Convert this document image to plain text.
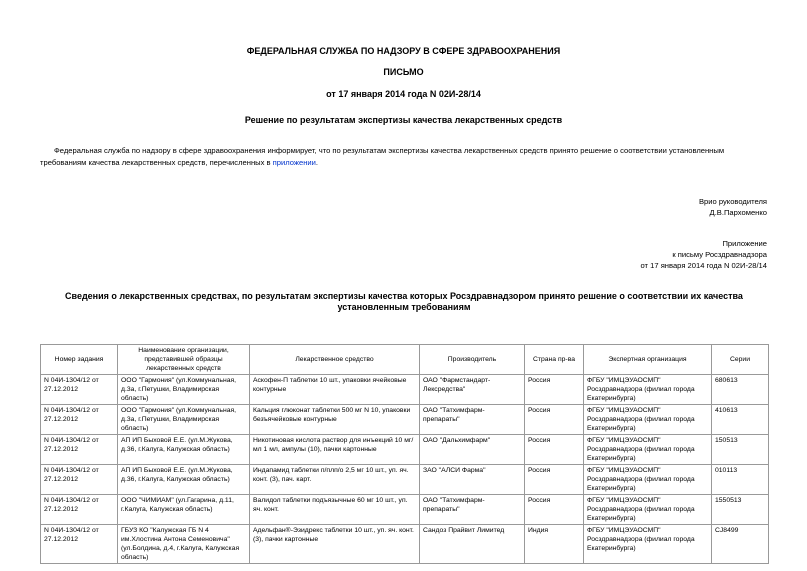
ФЕДЕРАЛЬНАЯ СЛУЖБА ПО НАДЗОРУ В СФЕРЕ ЗДРАВООХРАНЕНИЯ
ПИСЬМО
от 17 января 2014 года N 02И-28/14
Решение по результатам экспертизы качества лекарственных средств
Федеральная служба по надзору в сфере здравоохранения информирует, что по результатам экспертизы качества лекарственных средств принято решение о соответствии установленным требованиям качества лекарственных средств, перечисленных в приложении.
Врио руководителя
Д.В.Пархоменко
Приложение
к письму Росздравнадзора
от 17 января 2014 года N 02И-28/14
Сведения о лекарственных средствах, по результатам экспертизы качества которых Росздравнадзором принято решение о соответствии их качества
установленным требованиям
Номер задания	Наименование организации, представившей образцы лекарственных средств	Лекарственное средство	Производитель	Страна пр-ва	Экспертная организация	Серии
N 04И-1304/12 от 27.12.2012	ООО "Гармония" (ул.Коммунальная, д.3а, г.Петушки, Владимирская область)	Аскофен-П таблетки 10 шт., упаковки ячейковые контурные	ОАО "Фармстандарт-Лексредства"	Россия	ФГБУ "ИМЦЭУАОСМП" Росздравнадзора (филиал города Екатеринбурга)	680613
N 04И-1304/12 от 27.12.2012	ООО "Гармония" (ул.Коммунальная, д.3а, г.Петушки, Владимирская область)	Кальция глюконат таблетки 500 мг N 10, упаковки безъячейковые контурные	ОАО "Татхимфарм-препараты"	Россия	ФГБУ "ИМЦЭУАОСМП" Росздравнадзора (филиал города Екатеринбурга)	410613
N 04И-1304/12 от 27.12.2012	АП ИП Быховой Е.Е. (ул.М.Жукова, д.36, г.Калуга, Калужская область)	Никотиновая кислота раствор для инъекций 10 мг/мл 1 мл, ампулы (10), пачки картонные	ОАО "Дальхимфарм"	Россия	ФГБУ "ИМЦЭУАОСМП" Росздравнадзора (филиал города Екатеринбурга)	150513
N 04И-1304/12 от 27.12.2012	АП ИП Быховой Е.Е. (ул.М.Жукова, д.36, г.Калуга, Калужская область)	Индапамид таблетки п/плп/о 2,5 мг 10 шт., уп. яч. конт. (3), пач. карт.	ЗАО "АЛСИ Фарма"	Россия	ФГБУ "ИМЦЭУАОСМП" Росздравнадзора (филиал города Екатеринбурга)	010113
N 04И-1304/12 от 27.12.2012	ООО "ЧИМИАМ" (ул.Гагарина, д.11, г.Калуга, Калужская область)	Валидол таблетки подъязычные 60 мг 10 шт., уп. яч. конт.	ОАО "Татхимфарм-препараты"	Россия	ФГБУ "ИМЦЭУАОСМП" Росздравнадзора (филиал города Екатеринбурга)	1550513
N 04И-1304/12 от 27.12.2012	ГБУЗ КО "Калужская ГБ N 4 им.Хлостина Антона Семеновича" (ул.Болдина, д.4, г.Калуга, Калужская область)	Адельфан®-Эзидрекс таблетки 10 шт., уп. яч. конт. (3), пачки картонные	Сандоз Прайвит Лимитед	Индия	ФГБУ "ИМЦЭУАОСМП" Росздравнадзора (филиал города Екатеринбурга)	СJ8499
